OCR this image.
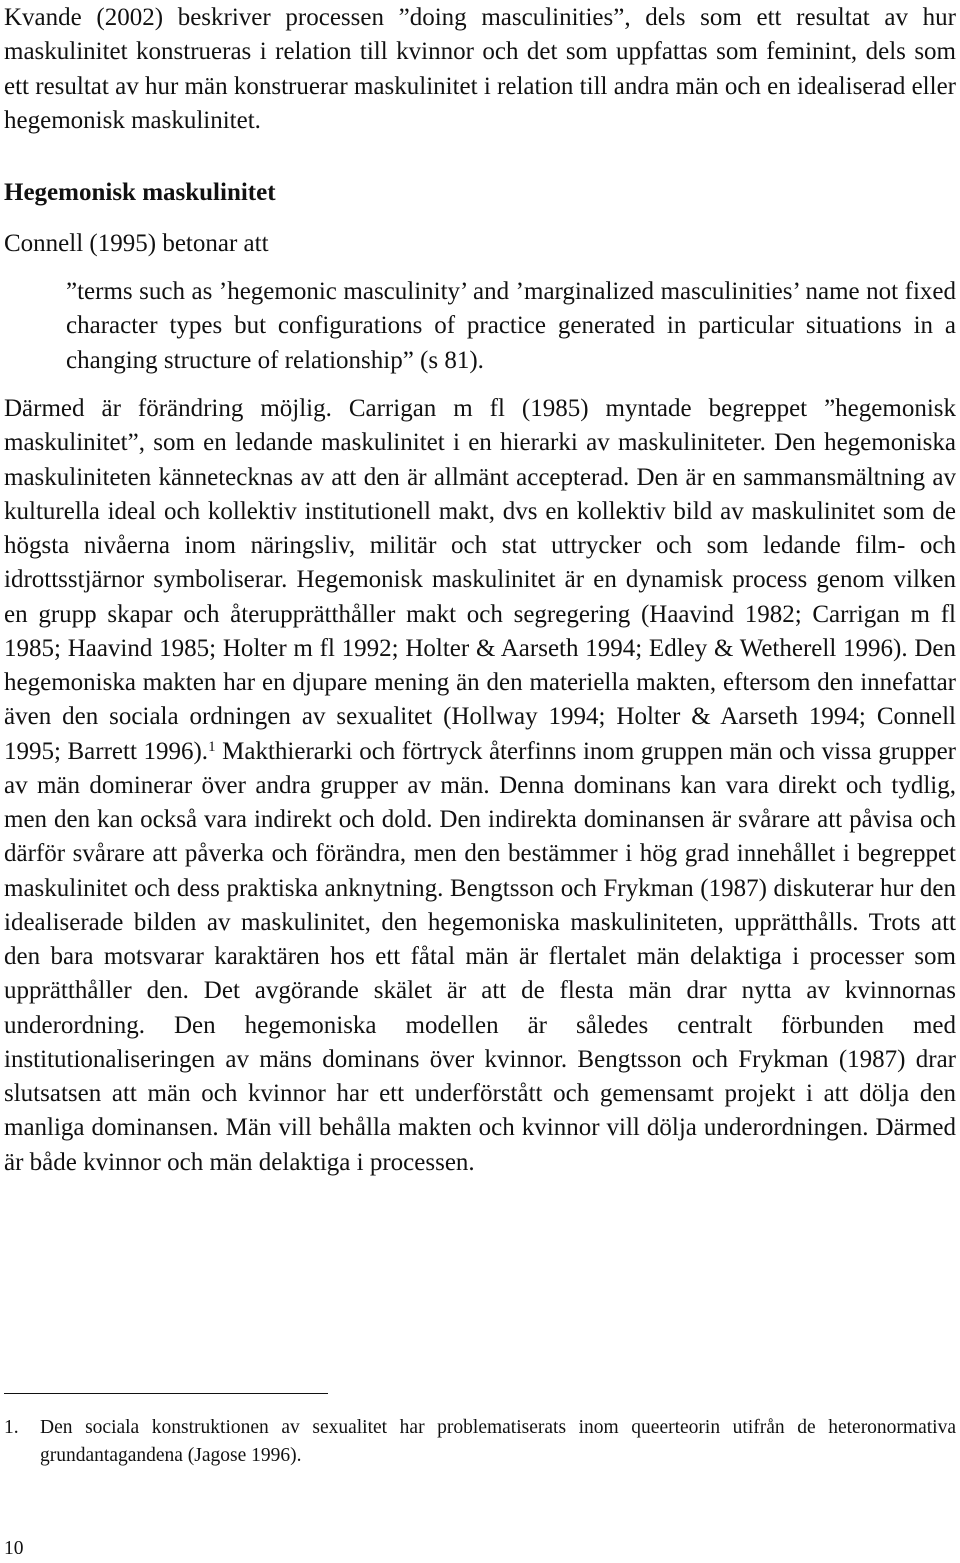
Kvande (2002) beskriver processen ”doing masculinities”, dels som ett resultat av hur maskulinitet konstrueras i relation till kvinnor och det som uppfattas som feminint, dels som ett resultat av hur män konstruerar maskulinitet i relation till andra män och en idealiserad eller hegemonisk maskulinitet.

Hegemonisk maskulinitet

Connell (1995) betonar att

”terms such as ’hegemonic masculinity’ and ’marginalized masculinities’ name not fixed character types but configurations of practice generated in particular situations in a changing structure of relationship” (s 81).

Därmed är förändring möjlig. Carrigan m fl (1985) myntade begreppet ”hegemonisk maskulinitet”, som en ledande maskulinitet i en hierarki av maskuliniteter. Den hegemoniska maskuliniteten kännetecknas av att den är allmänt accepterad. Den är en sammansmältning av kulturella ideal och kollektiv institutionell makt, dvs en kollektiv bild av maskulinitet som de högsta nivåerna inom näringsliv, militär och stat uttrycker och som ledande film- och idrottsstjärnor symboliserar. Hegemonisk maskulinitet är en dynamisk process genom vilken en grupp skapar och återupprätthåller makt och segregering (Haavind 1982; Carrigan m fl 1985; Haavind 1985; Holter m fl 1992; Holter & Aarseth 1994; Edley & Wetherell 1996). Den hegemoniska makten har en djupare mening än den materiella makten, eftersom den innefattar även den sociala ordningen av sexualitet (Hollway 1994; Holter & Aarseth 1994; Connell 1995; Barrett 1996).$^1$ Makthierarki och förtryck återfinns inom gruppen män och vissa grupper av män dominerar över andra grupper av män. Denna dominans kan vara direkt och tydlig, men den kan också vara indirekt och dold. Den indirekta dominansen är svårare att påvisa och därför svårare att påverka och förändra, men den bestämmer i hög grad innehållet i begreppet maskulinitet och dess praktiska anknytning. Bengtsson och Frykman (1987) diskuterar hur den idealiserade bilden av maskulinitet, den hegemoniska maskuliniteten, upprätthålls. Trots att den bara motsvarar karaktären hos ett fåtal män är flertalet män delaktiga i processer som upprätthåller den. Det avgörande skälet är att de flesta män drar nytta av kvinnornas underordning. Den hegemoniska modellen är således centralt förbunden med institutionaliseringen av mäns dominans över kvinnor. Bengtsson och Frykman (1987) drar slutsatsen att män och kvinnor har ett underförstått och gemensamt projekt i att dölja den manliga dominansen. Män vill behålla makten och kvinnor vill dölja underordningen. Därmed är både kvinnor och män delaktiga i processen.

1. Den sociala konstruktionen av sexualitet har problematiserats inom queerteorin utifrån de heteronormativa grundantagandena (Jagose 1996).

10
